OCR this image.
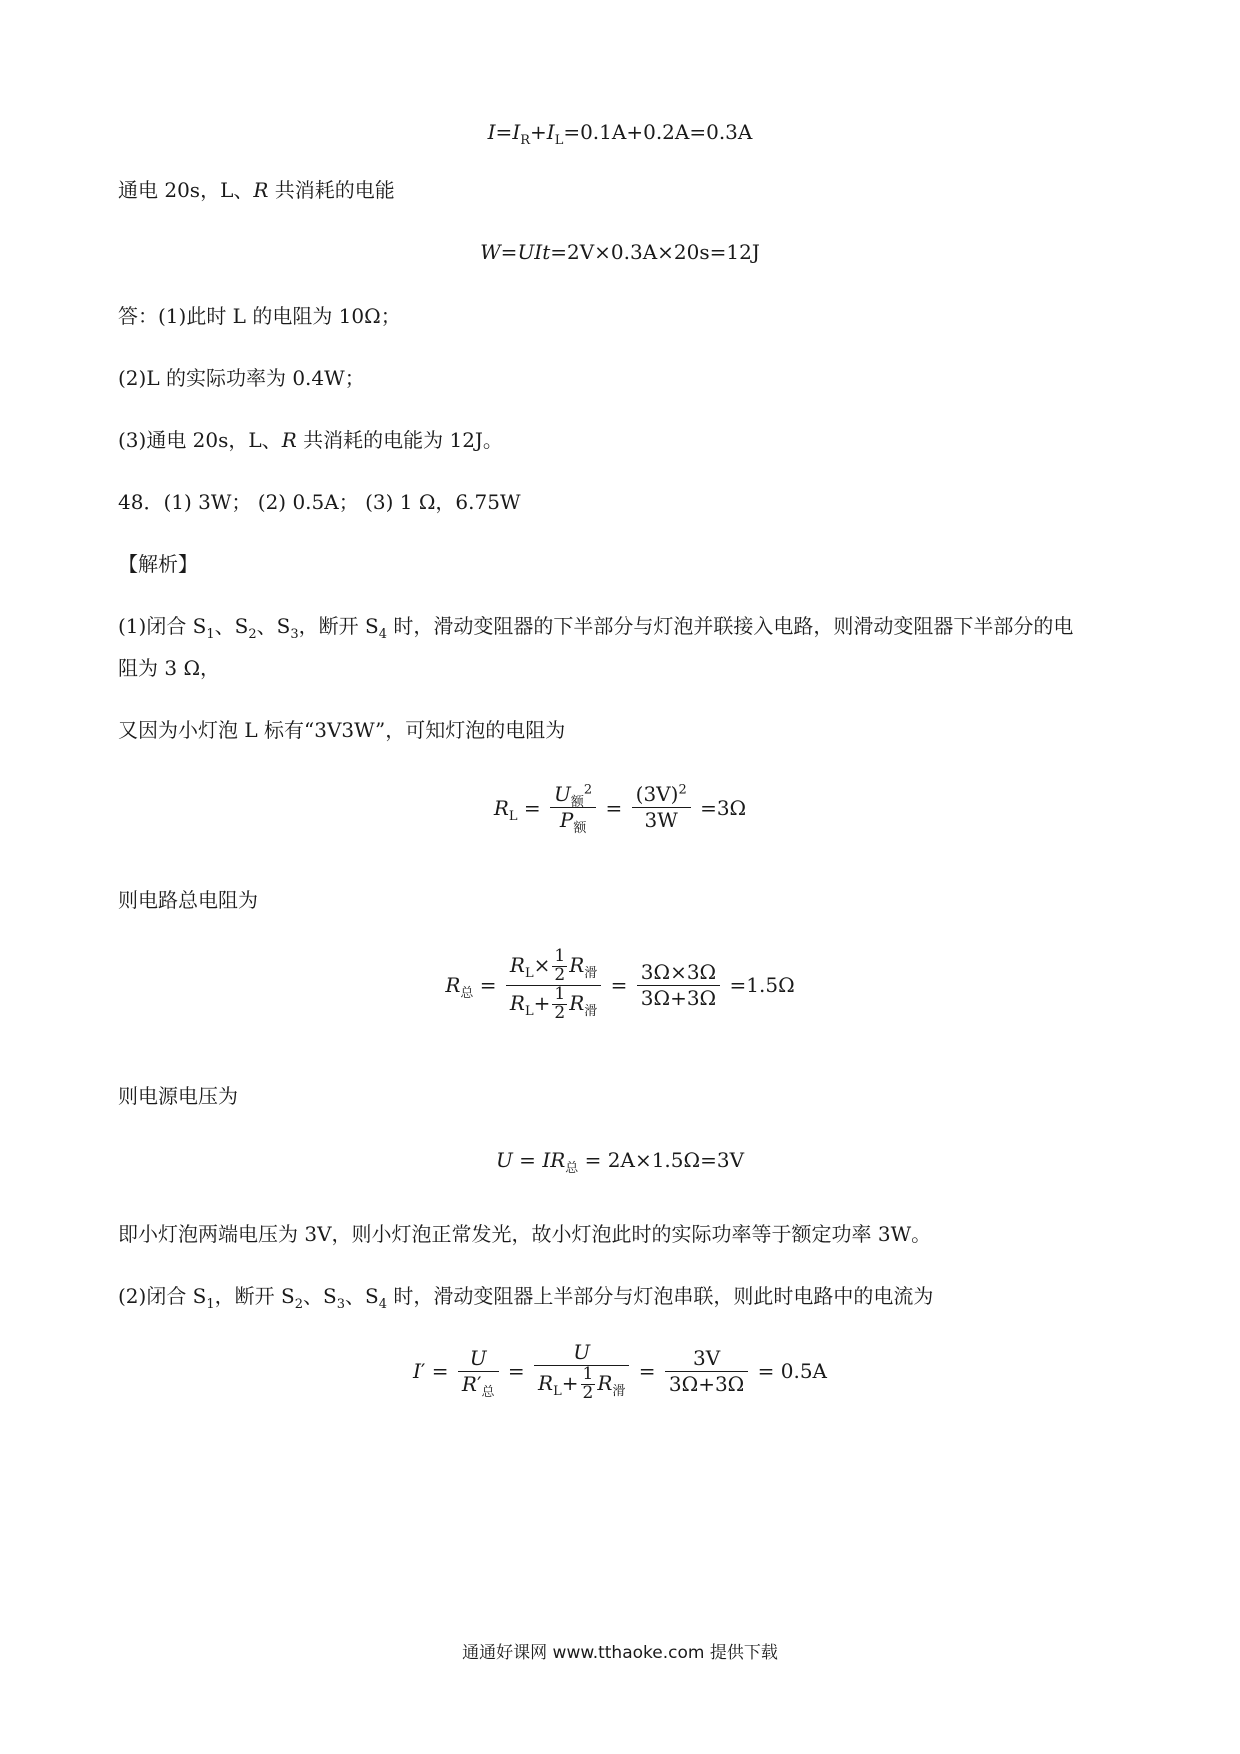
$I=I_R+I_L=0.1A+0.2A=0.3A$
通电 20s，L、R 共消耗的电能
W=UIt=2V×0.3A×20s=12J
答：(1)此时 L 的电阻为 10Ω；
(2)L 的实际功率为 0.4W；
(3)通电 20s，L、R 共消耗的电能为 12J。
48．(1) 3W； (2) 0.5A； (3) 1 Ω，6.75W
【解析】
(1)闭合 $S_1$、$S_2$、$S_3$，断开 $S_4$ 时，滑动变阻器的下半部分与灯泡并联接入电路，则滑动变阻器下半部分的电
阻为 3 Ω，
又因为小灯泡 L 标有“3V3W”，可知灯泡的电阻为
$R_L = \frac{U_额^2}{P_额} = \frac{(3V)^2}{3W} =3\Omega$
则电路总电阻为
$R_总 = \frac{R_L\times \frac{1}{2} R_滑}{R_L+ \frac{1}{2} R_滑} = \frac{3\Omega\times 3\Omega}{3\Omega+3\Omega} =1.5\Omega$
则电源电压为
$U = IR_总 = 2A\times 1.5\Omega=3V$
即小灯泡两端电压为 3V，则小灯泡正常发光，故小灯泡此时的实际功率等于额定功率 3W。
(2)闭合 $S_1$，断开 $S_2$、$S_3$、$S_4$ 时，滑动变阻器上半部分与灯泡串联，则此时电路中的电流为
$I' = \frac{U}{R'_总} = \frac{U}{R_L+ \frac{1}{2} R_滑} = \frac{3V}{3\Omega+3\Omega} = 0.5A$
通通好课网 www.tthaoke.com 提供下载
